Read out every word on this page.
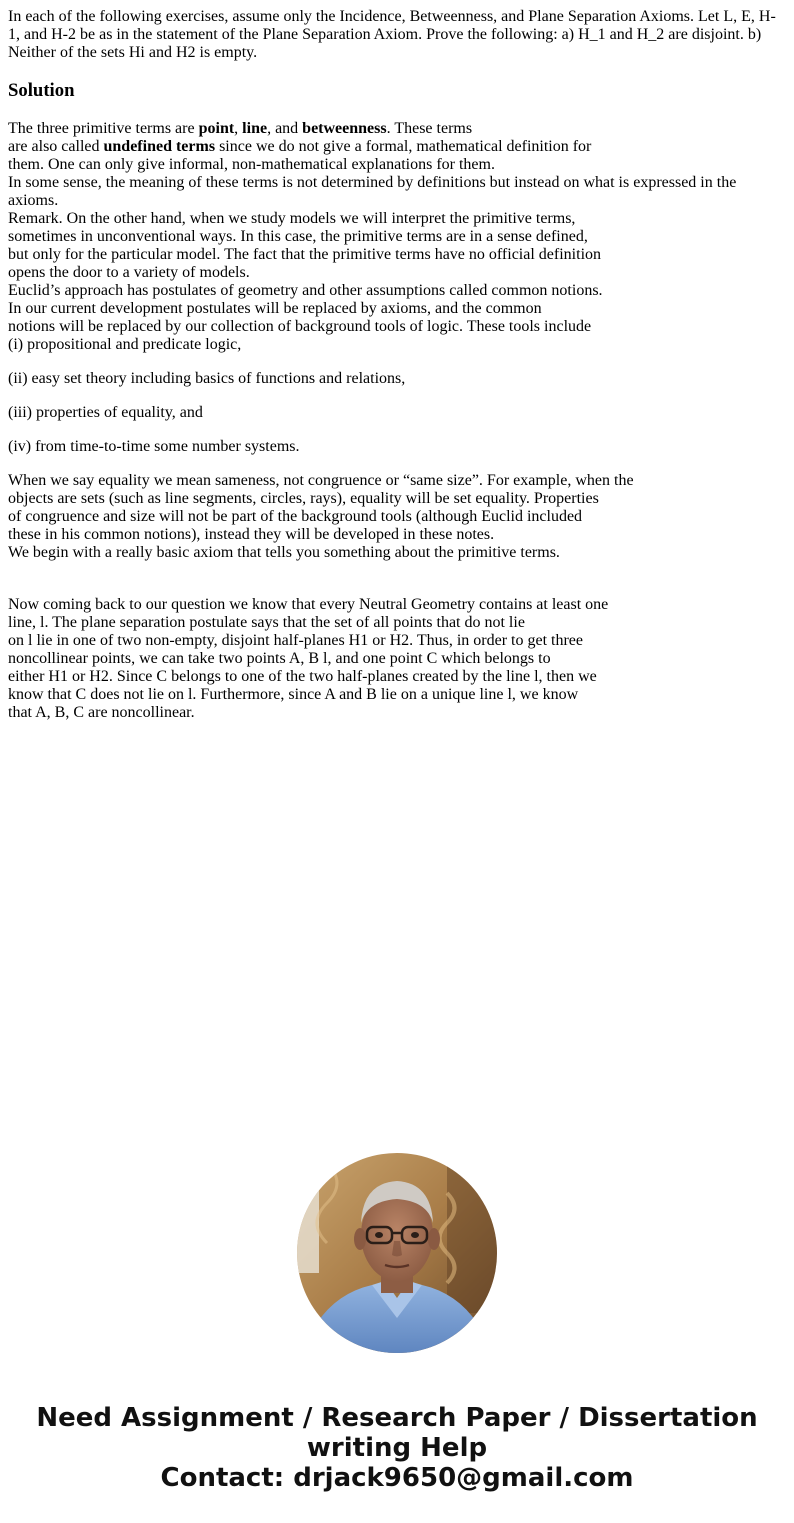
In each of the following exercises, assume only the Incidence, Betweenness, and Plane Separation Axioms. Let L, E, H-1, and H-2 be as in the statement of the Plane Separation Axiom. Prove the following: a) H_1 and H_2 are disjoint. b) Neither of the sets Hi and H2 is empty.

Solution
The three primitive terms are point, line, and betweenness. These terms
are also called undefined terms since we do not give a formal, mathematical definition for
them. One can only give informal, non-mathematical explanations for them.
In some sense, the meaning of these terms is not determined by definitions but instead on what is expressed in the
axioms.
Remark. On the other hand, when we study models we will interpret the primitive terms,
sometimes in unconventional ways. In this case, the primitive terms are in a sense defined,
but only for the particular model. The fact that the primitive terms have no official definition
opens the door to a variety of models.
Euclid’s approach has postulates of geometry and other assumptions called common notions.
In our current development postulates will be replaced by axioms, and the common
notions will be replaced by our collection of background tools of logic. These tools include
(i) propositional and predicate logic,

(ii) easy set theory including basics of functions and relations,

(iii) properties of equality, and

(iv) from time-to-time some number systems.

When we say equality we mean sameness, not congruence or “same size”. For example, when the
objects are sets (such as line segments, circles, rays), equality will be set equality. Properties
of congruence and size will not be part of the background tools (although Euclid included
these in his common notions), instead they will be developed in these notes.
We begin with a really basic axiom that tells you something about the primitive terms.
Now coming back to our question we know that every Neutral Geometry contains at least one
line, l. The plane separation postulate says that the set of all points that do not lie
on l lie in one of two non-empty, disjoint half-planes H1 or H2. Thus, in order to get three
noncollinear points, we can take two points A, B l, and one point C which belongs to
either H1 or H2. Since C belongs to one of the two half-planes created by the line l, then we
know that C does not lie on l. Furthermore, since A and B lie on a unique line l, we know
that A, B, C are noncollinear.
Need Assignment / Research Paper / Dissertation
writing Help
Contact: drjack9650@gmail.com
